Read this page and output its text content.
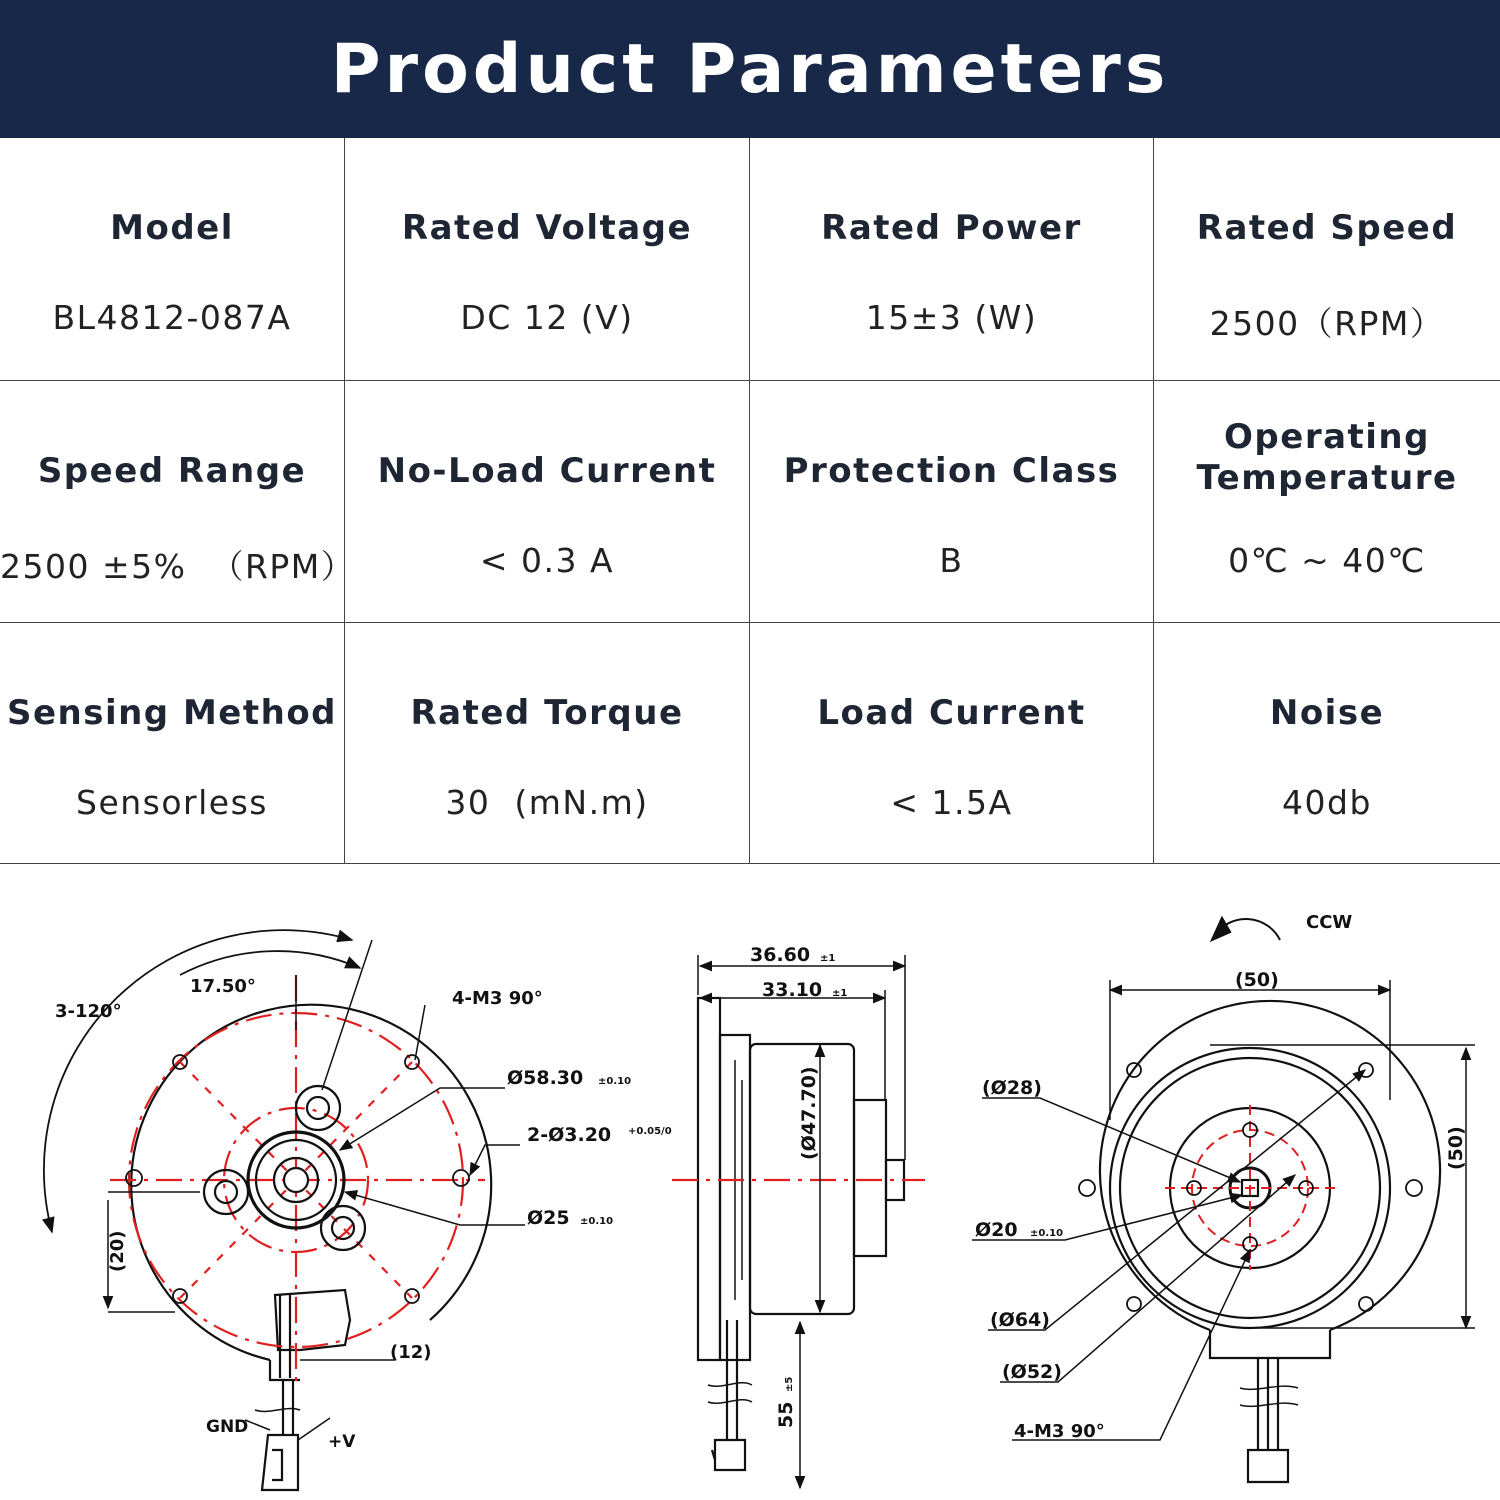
Product Parameters
Model
BL4812-087A
Rated Voltage
DC 12 (V)
Rated Power
15±3 (W)
Rated Speed
2500（RPM）
Speed Range
2500 ±5%  （RPM）
No-Load Current
< 0.3 A
Protection Class
B
Operating
Temperature
0℃ ~ 40℃
Sensing Method
Sensorless
Rated Torque
30  (mN.m)
Load Current
< 1.5A
Noise
40db
3-120°
17.50°
4-M3 90°
Ø58.30 ±0.10
2-Ø3.20 +0.05/0
Ø25 ±0.10
(20)
(12)
GND
+V
36.60 ±1
33.10 ±1
(Ø47.70)
55
±5
CCW
(50)
(50)
(Ø28)
Ø20 ±0.10
(Ø64)
(Ø52)
4-M3 90°
